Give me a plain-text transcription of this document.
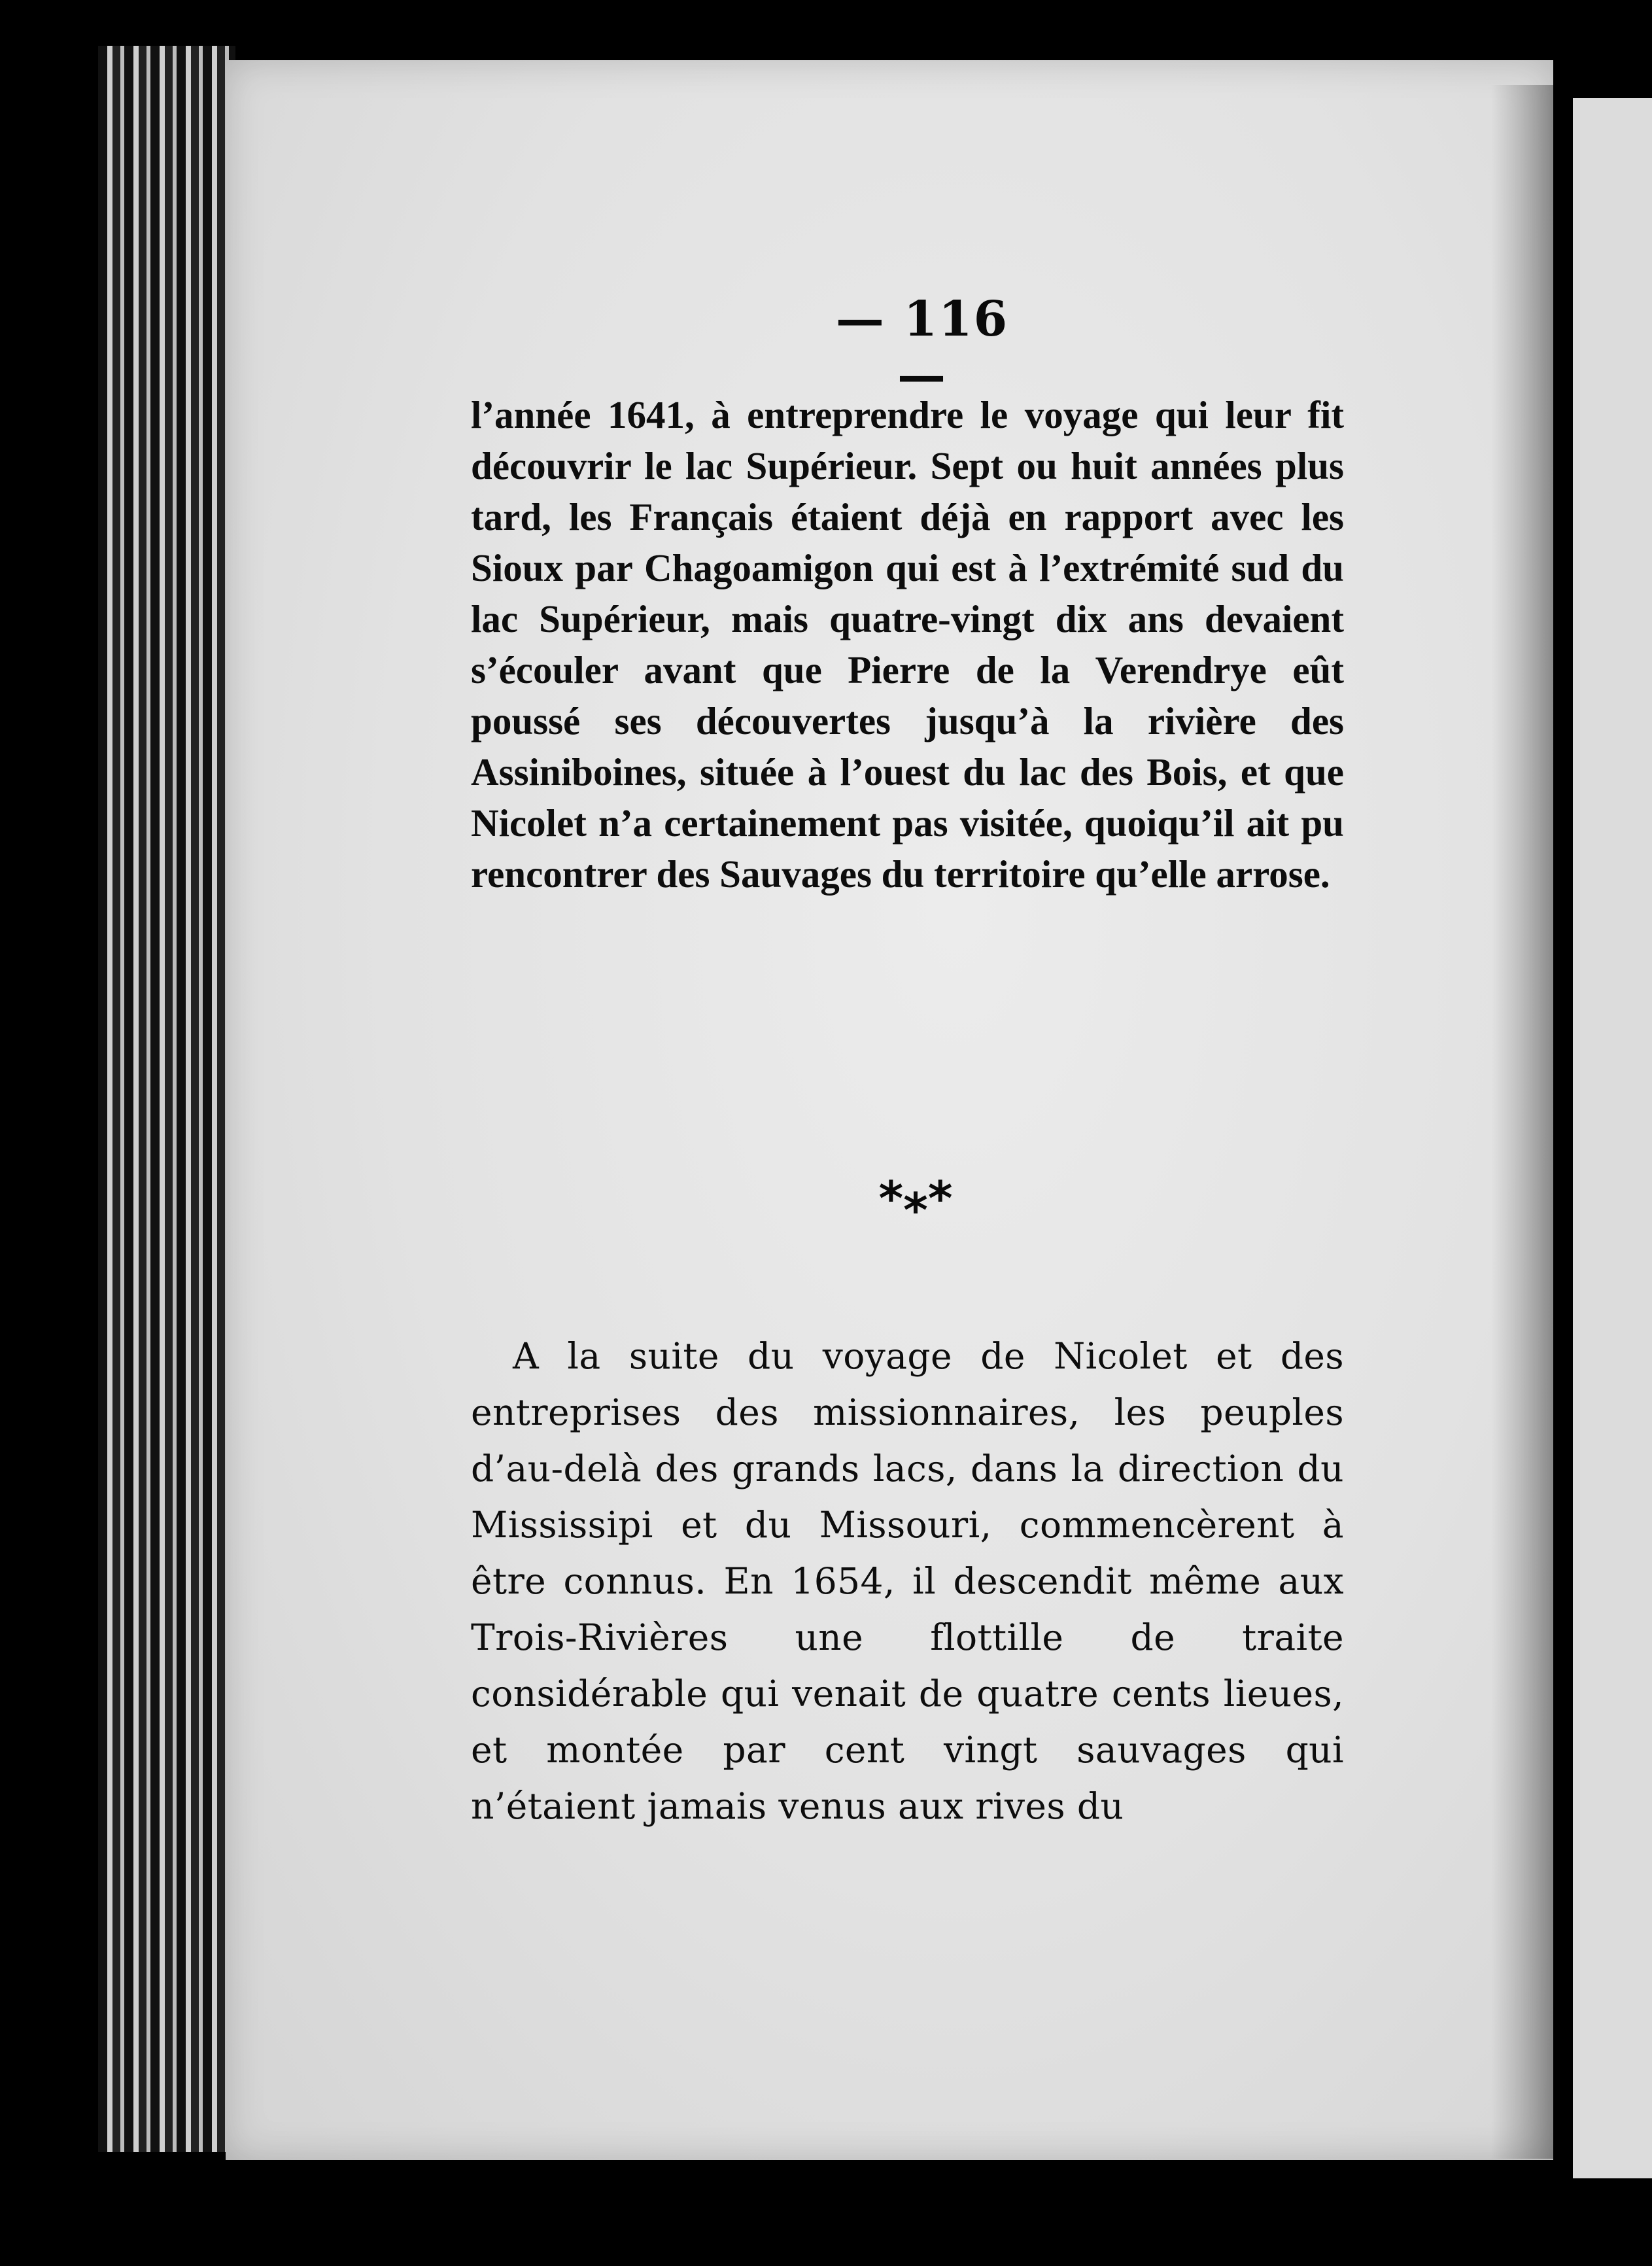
— 116 —

l’année 1641, à entreprendre le voyage qui leur fit découvrir le lac Supérieur. Sept ou huit années plus tard, les Français étaient déjà en rapport avec les Sioux par Chagoamigon qui est à l’extrémité sud du lac Supérieur, mais quatre-vingt dix ans devaient s’écouler avant que Pierre de la Verendrye eût poussé ses découvertes jusqu’à la rivière des Assiniboines, située à l’ouest du lac des Bois, et que Nicolet n’a certainement pas visitée, quoiqu’il ait pu rencontrer des Sauvages du territoire qu’elle arrose.

***

A la suite du voyage de Nicolet et des entreprises des missionnaires, les peuples d’au-delà des grands lacs, dans la direction du Mississipi et du Missouri, commencèrent à être connus. En 1654, il descendit même aux Trois-Rivières une flottille de traite considérable qui venait de quatre cents lieues, et montée par cent vingt sauvages qui n’étaient jamais venus aux rives du
